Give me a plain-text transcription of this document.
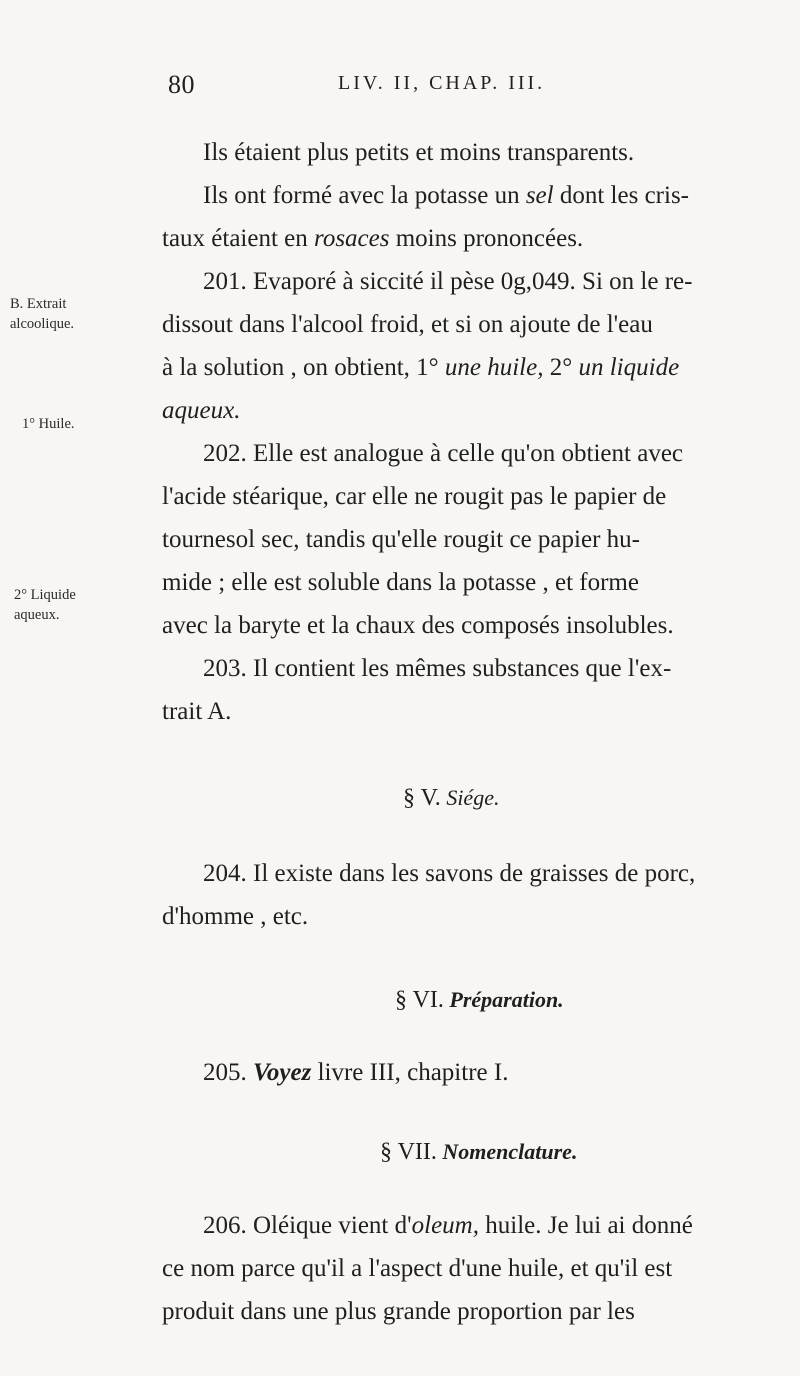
80	LIV. II, CHAP. III.
B. Extrait
alcoolique.
1° Huile.
2° Liquide
aqueux.
Ils étaient plus petits et moins transparents.
Ils ont formé avec la potasse un sel dont les cris-
taux étaient en rosaces moins prononcées.
201. Evaporé à siccité il pèse 0g,049. Si on le re-
dissout dans l'alcool froid, et si on ajoute de l'eau
à la solution , on obtient, 1° une huile, 2° un liquide
aqueux.
202. Elle est analogue à celle qu'on obtient avec
l'acide stéarique, car elle ne rougit pas le papier de
tournesol sec, tandis qu'elle rougit ce papier hu-
mide ; elle est soluble dans la potasse , et forme
avec la baryte et la chaux des composés insolubles.
203. Il contient les mêmes substances que l'ex-
trait A.
§ V. Siége.
204. Il existe dans les savons de graisses de porc,
d'homme , etc.
§ VI. Préparation.
205. Voyez livre III, chapitre I.
§ VII. Nomenclature.
206. Oléique vient d'oleum, huile. Je lui ai donné
ce nom parce qu'il a l'aspect d'une huile, et qu'il est
produit dans une plus grande proportion par les
